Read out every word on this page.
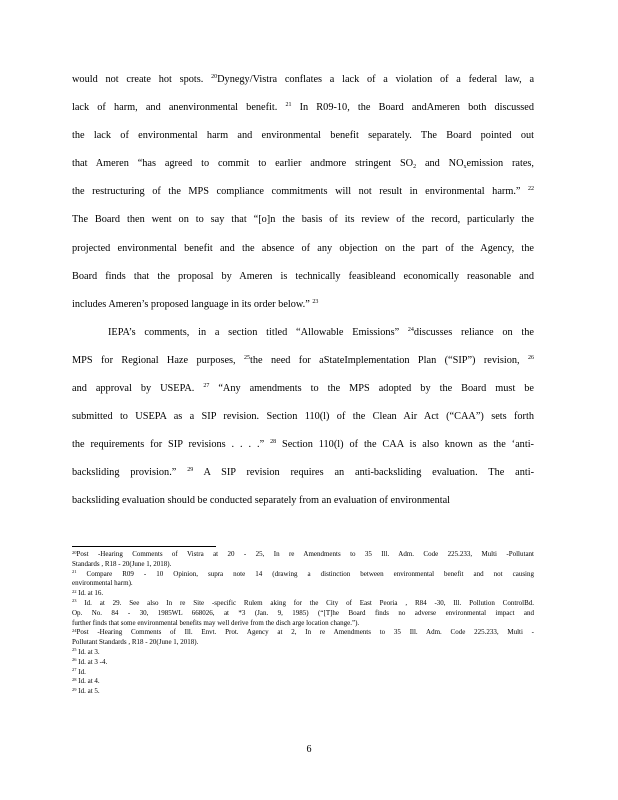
would not create hot spots. $^{20}$Dynegy/Vistra conflates a lack of a violation of a federal law, a
lack of harm, and anenvironmental benefit. $^{21}$ In R09-10, the Board andAmeren both discussed
the lack of environmental harm and environmental benefit separately. The Board pointed out
that Ameren “has agreed to commit to earlier andmore stringent $SO_2$ and $NO_xemission$ rates,
the restructuring of the MPS compliance commitments will not result in environmental harm.” $^{22}$
The Board then went on to say that “[o]n the basis of its review of the record, particularly the
projected environmental benefit and the absence of any objection on the part of the Agency, the
Board finds that the proposal by Ameren is technically feasibleand economically reasonable and
includes Ameren’s proposed language in its order below.” $^{23}$
IEPA’s comments, in a section titled “Allowable Emissions” $^{24}$discusses reliance on the
MPS for Regional Haze purposes, $^{25}$the need for aStateImplementation Plan (“SIP”) revision, $^{26}$
and approval by USEPA. $^{27}$ “Any amendments to the MPS adopted by the Board must be
submitted to USEPA as a SIP revision. Section 110(l) of the Clean Air Act (“CAA”) sets forth
the requirements for SIP revisions . . . .” $^{28}$ Section 110(l) of the CAA is also known as the ‘anti-
backsliding provision.” $^{29}$ A SIP revision requires an anti-backsliding evaluation. The anti-
backsliding evaluation should be conducted separately from an evaluation of environmental
$^{20}$Post -Hearing Comments of Vistra at 20 - 25, In re Amendments to 35 Ill. Adm. Code 225.233, Multi -Pollutant
Standards , R18 - 20(June 1, 2018).
$^{21}$ Compare R09 - 10 Opinion, supra note 14 (drawing a distinction between environmental benefit and not causing
environmental harm).
$^{22}$ Id. at 16.
$^{23}$ Id. at 29. See also In re Site -specific Rulem aking for the City of East Peoria , R84 -30, Ill. Pollution ControlBd.
Op. No. 84 - 30, 1985WL 668026, at *3 (Jan. 9, 1985) (“[T]he Board finds no adverse environmental impact and
further finds that some environmental benefits may well derive from the disch arge location change.”).
$^{24}$Post -Hearing Comments of Ill. Envt. Prot. Agency at 2, In re Amendments to 35 Ill. Adm. Code 225.233, Multi -
Pollutant Standards , R18 - 20(June 1, 2018).
$^{25}$ Id. at 3.
$^{26}$ Id. at 3 -4.
$^{27}$ Id.
$^{28}$ Id. at 4.
$^{29}$ Id. at 5.
6
